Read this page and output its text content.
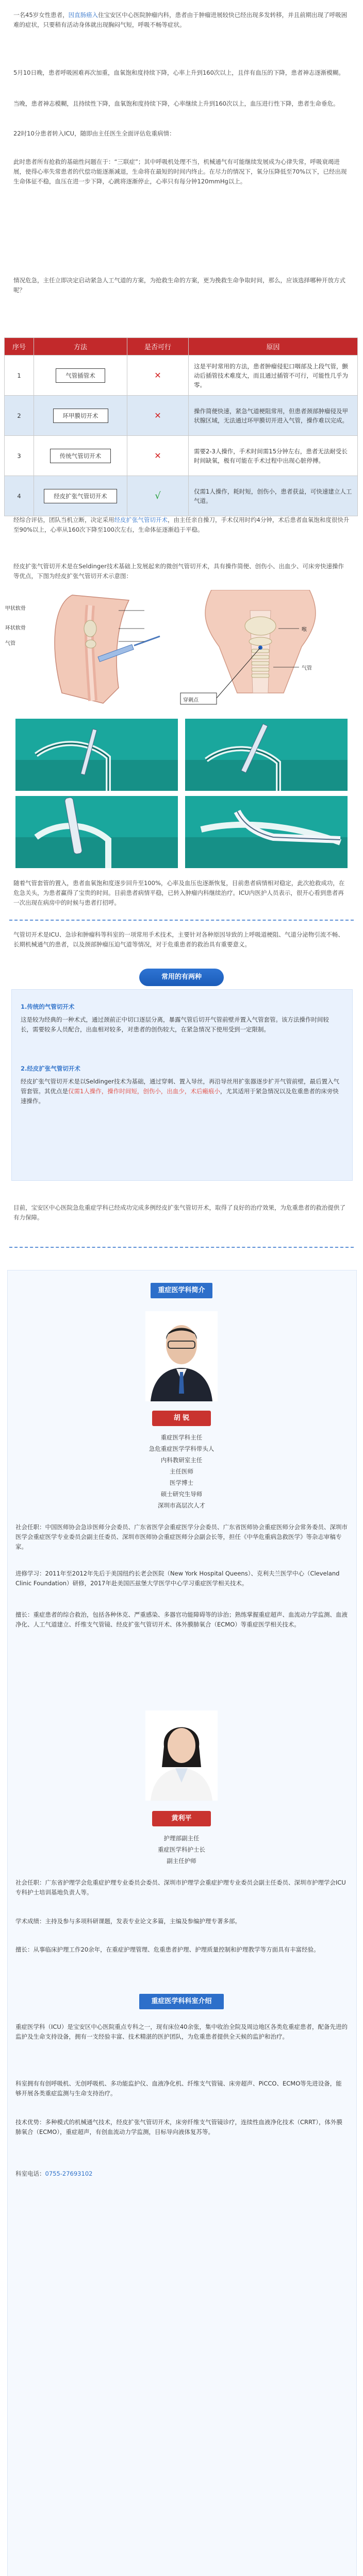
一名45岁女性患者，因直肠癌入住宝安区中心医院肿瘤内科，患者由于肿瘤进展较快已经出现多发转移，并且前期出现了呼吸困难的症状，只要稍有活动身体就出现胸闷气短，呼吸不畅等症状。

5月10日晚，患者呼吸困难再次加重，血氧饱和度持续下降，心率上升到160次以上，且伴有血压的下降，患者神志逐渐模糊。

当晚，患者神志模糊，且持续性下降，血氧饱和度持续下降，心率继续上升到160次以上，血压进行性下降，患者生命垂危。

22时10分患者转入ICU，随即由主任医生全面评估危重病情：

此时患者所有抢救的基础性问题在于：“三联症”；其中呼吸机处理不当，机械通气有可能继续发展成为心律失常，呼吸衰竭进展，使得心率失常患者的代偿功能逐渐减退，生命将在最短的时间内终止。在尽力的情况下，氧分压降低至70%以下，已经出现生命体征不稳，血压在进一步下降，心跳将逐渐停止，心率只有每分钟120mmHg以上。

情况危急，主任立即决定启动紧急人工气道的方案，为抢救生命的方案，更为挽救生命争取时间，那么，应该选择哪种开放方式呢？

序号	方法	是否可行	原因
1	气管插管术	✕	这是平时常用的方法，患者肿瘤侵犯口咽部及上段气管，颤动后插管技术难度大，而且通过插管不可行，可能性几乎为零。
2	环甲膜切开术	✕	操作简便快速，紧急气道梗阻常用，但患者颈部肿瘤侵及甲状腺区域，无法通过环甲膜切开进入气管，操作难以完成。
3	传统气管切开术	✕	需要2-3人操作，手术时间需15分钟左右，患者无法耐受长时间缺氧，极有可能在手术过程中出现心脏停搏。
4	经皮扩张气管切开术	√	仅需1人操作，耗时短，创伤小，患者获益，可快速建立人工气道。

经综合评估，团队当机立断，决定采用经皮扩张气管切开术，由主任亲自操刀，手术仅用时约4分钟，术后患者血氧饱和度很快升至90%以上，心率从160次下降至100次左右，生命体征逐渐趋于平稳。

经皮扩张气管切开术是在Seldinger技术基础上发展起来的微创气管切开术，具有操作简便、创伤小、出血少、可床旁快速操作等优点，下图为经皮扩张气管切开术示意图：

甲状软骨
环状软骨
气管
喉
气管
穿刺点

随着气管套管的置入，患者血氧饱和度逐步回升至100%，心率及血压也逐渐恢复，目前患者病情相对稳定，此次抢救成功，在危急关头，为患者赢得了宝贵的时间。目前患者病情平稳，已转入肿瘤内科继续治疗。ICU内医护人员表示，很开心看到患者再一次出现在病房中的时候与患者打招呼。

气管切开术是ICU、急诊和肿瘤科等科室的一项常用手术技术，主要针对各种原因导致的上呼吸道梗阻、气道分泌物引流不畅、长期机械通气的患者，以及颈部肿瘤压迫气道等情况，对于危重患者的救治具有重要意义。

常用的有两种
1.传统的气管切开术
这是较为经典的一种术式，通过颈前正中切口逐层分离，暴露气管后切开气管前壁并置入气管套管。该方法操作时间较长，需要较多人员配合，出血相对较多，对患者的创伤较大，在紧急情况下使用受到一定限制。
2.经皮扩张气管切开术
经皮扩张气管切开术是以Seldinger技术为基础，通过穿刺、置入导丝，再沿导丝用扩张器逐步扩开气管前壁，最后置入气管套管。其优点是仅需1人操作，操作时间短，创伤小，出血少，术后瘢痕小，尤其适用于紧急情况以及危重患者的床旁快速操作。

目前，宝安区中心医院急危重症学科已经成功完成多例经皮扩张气管切开术，取得了良好的治疗效果，为危重患者的救治提供了有力保障。

重症医学科简介
胡 锐
重症医学科主任
急危重症医学学科带头人
内科教研室主任
主任医师
医学博士
硕士研究生导师
深圳市高层次人才
社会任职：中国医师协会急诊医师分会委员、广东省医学会重症医学分会委员、广东省医师协会重症医师分会常务委员、深圳市医学会重症医学专业委员会副主任委员、深圳市医师协会重症医师分会副会长等，担任《中华危重病急救医学》等杂志审稿专家。
进修学习：2011年至2012年先后于美国纽约长老会医院（New York Hospital Queens）、克利夫兰医学中心（Cleveland Clinic Foundation）研修，2017年赴美国匹兹堡大学医学中心学习重症医学相关技术。
擅长：重症患者的综合救治，包括各种休克、严重感染、多器官功能障碍等的诊治；熟练掌握重症超声、血流动力学监测、血液净化、人工气道建立、纤维支气管镜、经皮扩张气管切开术、体外膜肺氧合（ECMO）等重症医学相关技术。
黄利平
护理部副主任
重症医学科护士长
副主任护师
社会任职：广东省护理学会危重症护理专业委员会委员、深圳市护理学会重症护理专业委员会副主任委员、深圳市护理学会ICU专科护士培训基地负责人等。
学术成绩：主持及参与多项科研课题，发表专业论文多篇，主编及参编护理专著多部。
擅长：从事临床护理工作20余年，在重症护理管理、危重患者护理、护理质量控制和护理教学等方面具有丰富经验。
重症医学科科室介绍
重症医学科（ICU）是宝安区中心医院重点专科之一，现有床位40余张，集中收治全院及周边地区各类危重症患者，配备先进的监护及生命支持设备，拥有一支经验丰富、技术精湛的医护团队，为危重患者提供全天候的监护和治疗。
科室拥有有创呼吸机、无创呼吸机、多功能监护仪、血液净化机、纤维支气管镜、床旁超声、PiCCO、ECMO等先进设备，能够开展各类重症监测与生命支持治疗。
技术优势：多种模式的机械通气技术，经皮扩张气管切开术，床旁纤维支气管镜诊疗，连续性血液净化技术（CRRT），体外膜肺氧合（ECMO），重症超声，有创血流动力学监测，目标导向液体复苏等。
科室电话：0755-27693102
